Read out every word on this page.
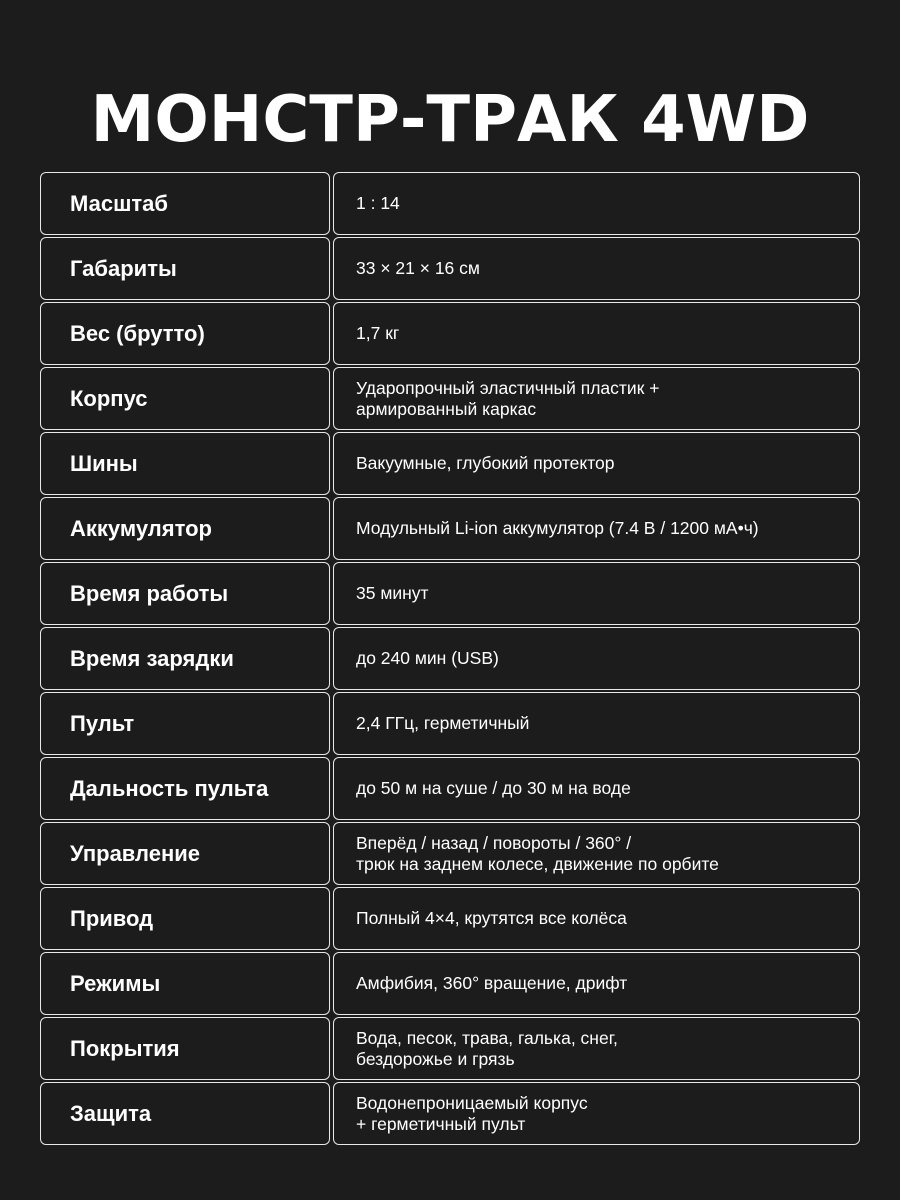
МОНСТР-ТРАК 4WD
Масштаб	1 : 14
Габариты	33 × 21 × 16 см
Вес (брутто)	1,7 кг
Корпус	Ударопрочный эластичный пластик +
армированный каркас
Шины	Вакуумные, глубокий протектор
Аккумулятор	Модульный Li-ion аккумулятор (7.4 В / 1200 мА•ч)
Время работы	35 минут
Время зарядки	до 240 мин (USB)
Пульт	2,4 ГГц, герметичный
Дальность пульта	до 50 м на суше / до 30 м на воде
Управление	Вперёд / назад / повороты / 360° /
трюк на заднем колесе, движение по орбите
Привод	Полный 4×4, крутятся все колёса
Режимы	Амфибия, 360° вращение, дрифт
Покрытия	Вода, песок, трава, галька, снег,
бездорожье и грязь
Защита	Водонепроницаемый корпус
+ герметичный пульт
